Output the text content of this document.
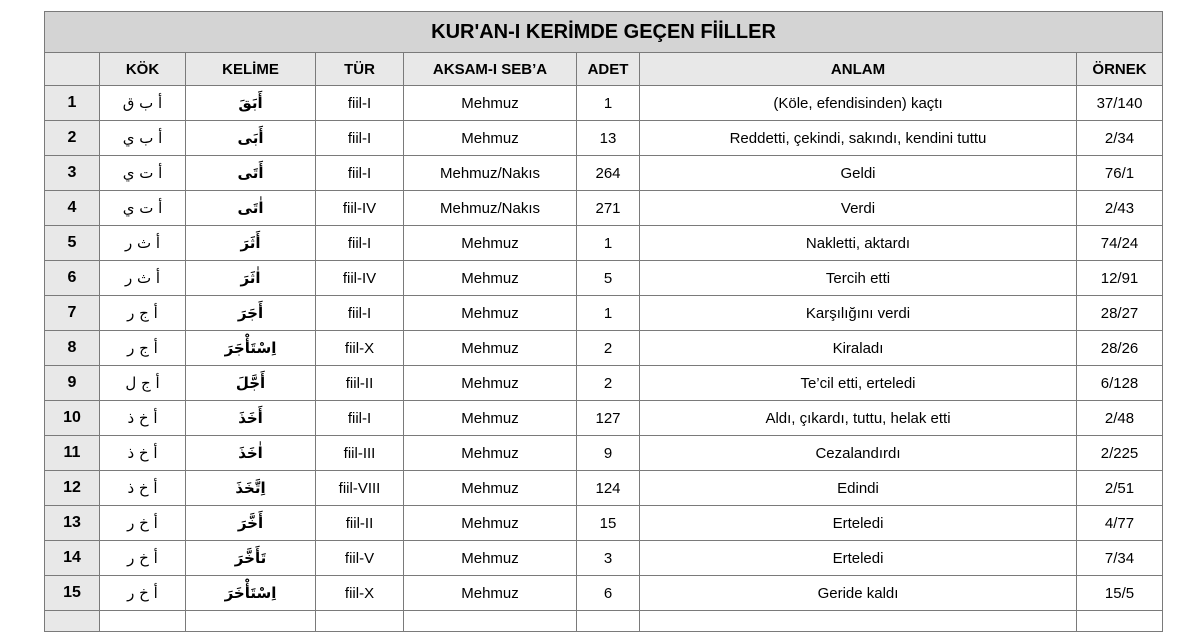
KUR'AN-I KERİMDE GEÇEN FİİLLER							
	KÖK	KELİME	TÜR	AKSAM-I SEB’A	ADET	ANLAM	ÖRNEK
1	أ ب ق	أَبَقَ	fiil-I	Mehmuz	1	(Köle, efendisinden) kaçtı	37/140
2	أ ب ي	أَبَى	fiil-I	Mehmuz	13	Reddetti, çekindi, sakındı, kendini tuttu	2/34
3	أ ت ي	أَتَى	fiil-I	Mehmuz/Nakıs	264	Geldi	76/1
4	أ ت ي	اٰتَى	fiil-IV	Mehmuz/Nakıs	271	Verdi	2/43
5	أ ث ر	أَثَرَ	fiil-I	Mehmuz	1	Nakletti, aktardı	74/24
6	أ ث ر	اٰثَرَ	fiil-IV	Mehmuz	5	Tercih etti	12/91
7	أ ج ر	أَجَرَ	fiil-I	Mehmuz	1	Karşılığını verdi	28/27
8	أ ج ر	اِسْتَأْجَرَ	fiil-X	Mehmuz	2	Kiraladı	28/26
9	أ ج ل	أَجَّلَ	fiil-II	Mehmuz	2	Te’cil etti, erteledi	6/128
10	أ خ ذ	أَخَذَ	fiil-I	Mehmuz	127	Aldı, çıkardı, tuttu, helak etti	2/48
11	أ خ ذ	اٰخَذَ	fiil-III	Mehmuz	9	Cezalandırdı	2/225
12	أ خ ذ	اِتَّخَذَ	fiil-VIII	Mehmuz	124	Edindi	2/51
13	أ خ ر	أَخَّرَ	fiil-II	Mehmuz	15	Erteledi	4/77
14	أ خ ر	تَأَخَّرَ	fiil-V	Mehmuz	3	Erteledi	7/34
15	أ خ ر	اِسْتَأْخَرَ	fiil-X	Mehmuz	6	Geride kaldı	15/5
